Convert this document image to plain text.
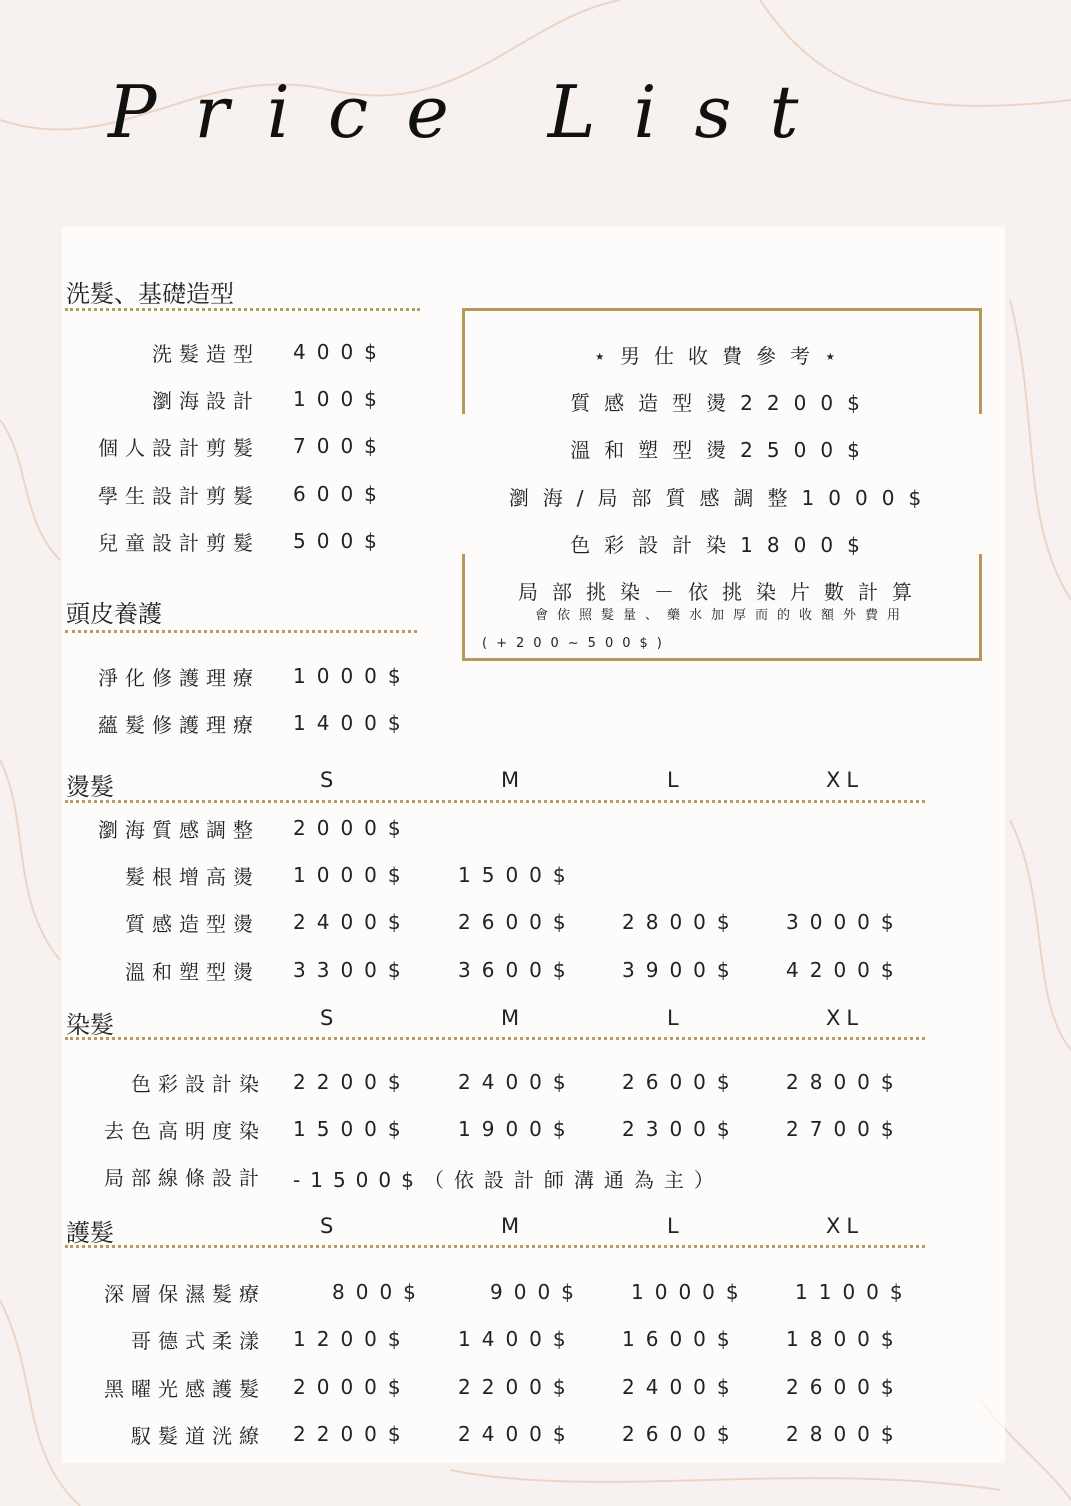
Price List
洗髮、基礎造型
洗髮造型 400$
瀏海設計 100$
個人設計剪髮 700$
學生設計剪髮 600$
兒童設計剪髮 500$
頭皮養護
淨化修護理療 1000$
蘊髮修護理療 1400$
⋆男仕收費參考⋆
質感造型燙2200$
溫和塑型燙2500$
瀏海/局部質感調整1000$
色彩設計染1800$
局部挑染－依挑染片數計算
會依照髮量、藥水加厚而的收額外費用
(+200~500$)
燙髮	S	M	L	XL
瀏海質感調整 2000$
髮根增高燙 1000$ 1500$
質感造型燙 2400$ 2600$ 2800$ 3000$
溫和塑型燙 3300$ 3600$ 3900$ 4200$
染髮	S	M	L	XL
色彩設計染 2200$ 2400$ 2600$ 2800$
去色高明度染 1500$ 1900$ 2300$ 2700$
局部線條設計 -1500$（依設計師溝通為主）
護髮	S	M	L	XL
深層保濕髮療	800$	900$ 1000$ 1100$
哥德式柔漾 1200$ 1400$ 1600$ 1800$
黑曜光感護髮 2000$ 2200$ 2400$ 2600$
馭髮道洸繚 2200$ 2400$ 2600$ 2800$
